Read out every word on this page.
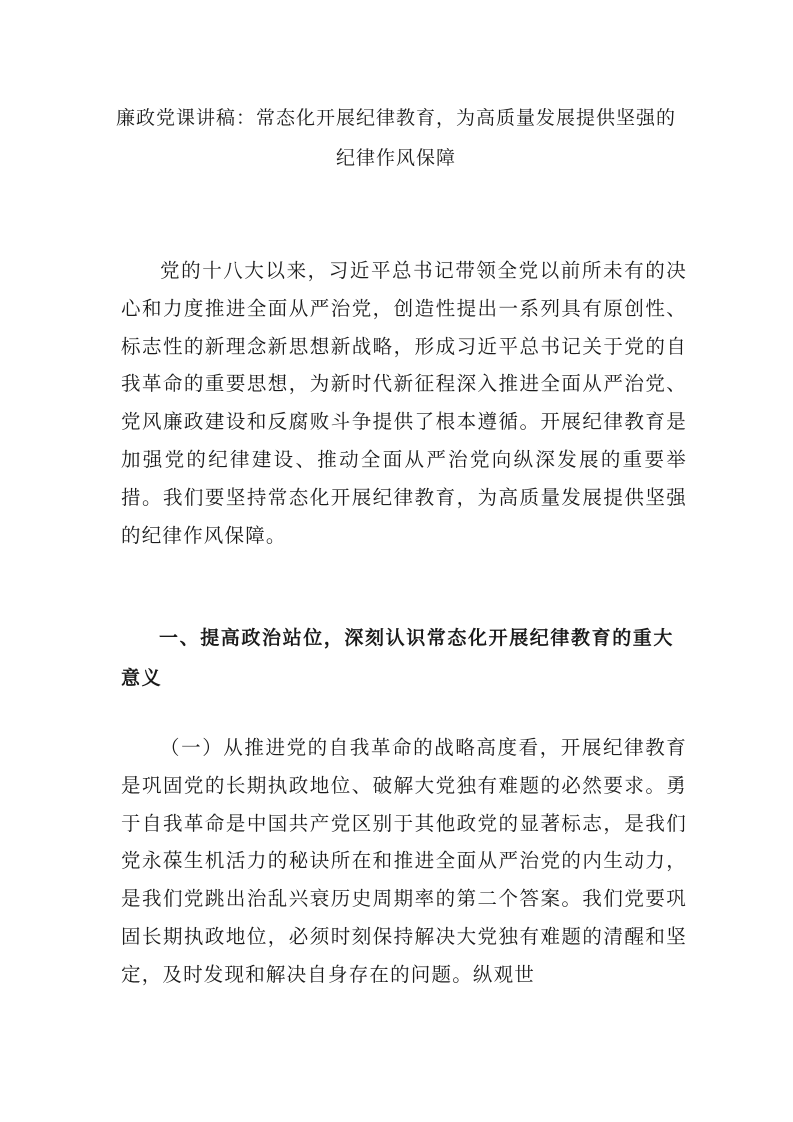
廉政党课讲稿：常态化开展纪律教育，为高质量发展提供坚强的纪律作风保障

党的十八大以来，习近平总书记带领全党以前所未有的决心和力度推进全面从严治党，创造性提出一系列具有原创性、标志性的新理念新思想新战略，形成习近平总书记关于党的自我革命的重要思想，为新时代新征程深入推进全面从严治党、党风廉政建设和反腐败斗争提供了根本遵循。开展纪律教育是加强党的纪律建设、推动全面从严治党向纵深发展的重要举措。我们要坚持常态化开展纪律教育，为高质量发展提供坚强的纪律作风保障。

一、提高政治站位，深刻认识常态化开展纪律教育的重大意义

（一）从推进党的自我革命的战略高度看，开展纪律教育是巩固党的长期执政地位、破解大党独有难题的必然要求。勇于自我革命是中国共产党区别于其他政党的显著标志，是我们党永葆生机活力的秘诀所在和推进全面从严治党的内生动力，是我们党跳出治乱兴衰历史周期率的第二个答案。我们党要巩固长期执政地位，必须时刻保持解决大党独有难题的清醒和坚定，及时发现和解决自身存在的问题。纵观世
